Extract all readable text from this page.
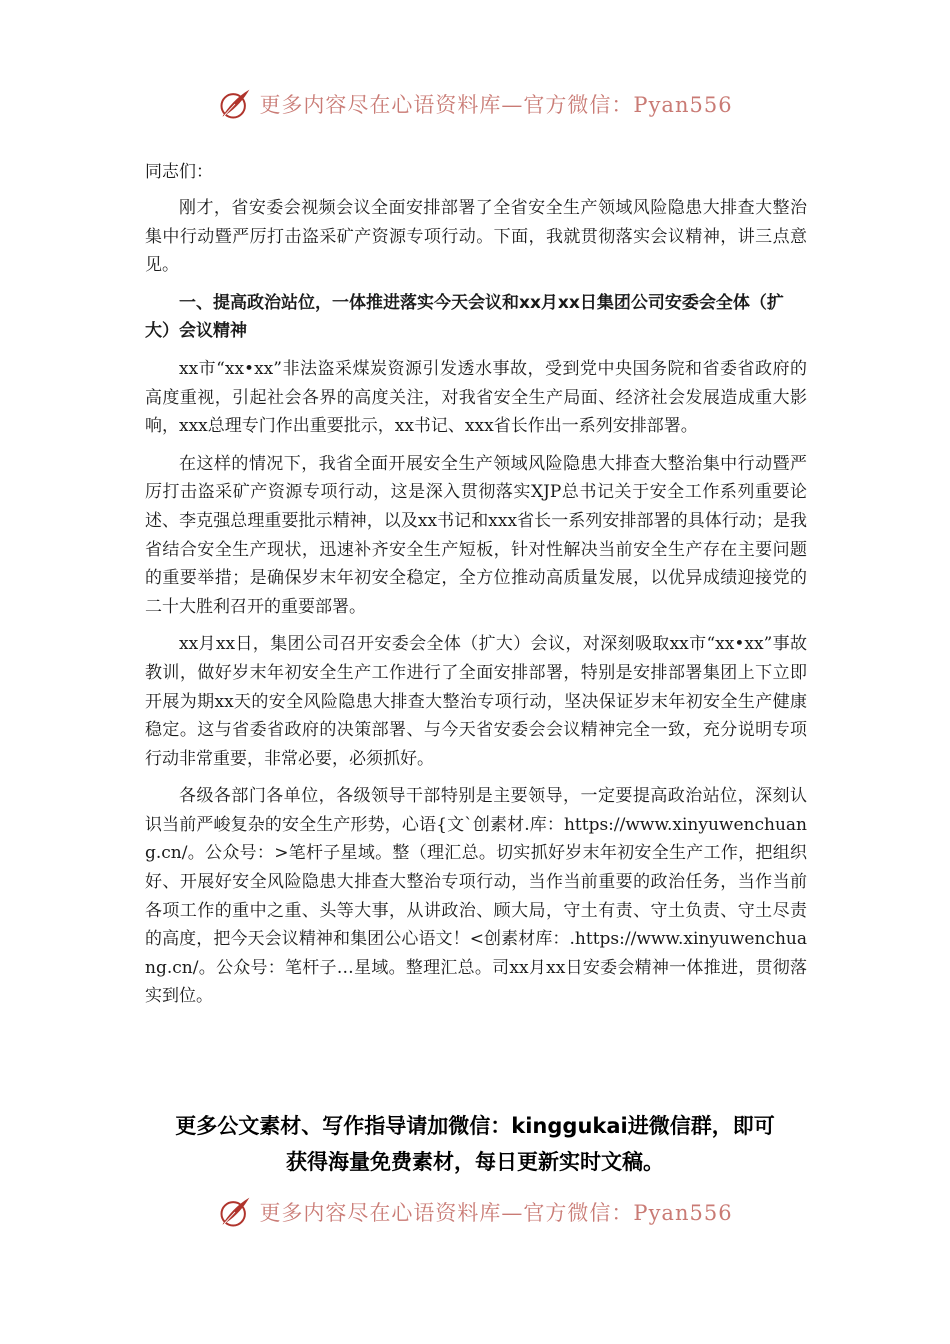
更多内容尽在心语资料库—官方微信：Pyan556

同志们：

刚才，省安委会视频会议全面安排部署了全省安全生产领域风险隐患大排查大整治集中行动暨严厉打击盗采矿产资源专项行动。下面，我就贯彻落实会议精神，讲三点意见。

一、提高政治站位，一体推进落实今天会议和xx月xx日集团公司安委会全体（扩大）会议精神

xx市“xx•xx”非法盗采煤炭资源引发透水事故，受到党中央国务院和省委省政府的高度重视，引起社会各界的高度关注，对我省安全生产局面、经济社会发展造成重大影响，xxx总理专门作出重要批示，xx书记、xxx省长作出一系列安排部署。

在这样的情况下，我省全面开展安全生产领域风险隐患大排查大整治集中行动暨严厉打击盗采矿产资源专项行动，这是深入贯彻落实XJP总书记关于安全工作系列重要论述、李克强总理重要批示精神，以及xx书记和xxx省长一系列安排部署的具体行动；是我省结合安全生产现状，迅速补齐安全生产短板，针对性解决当前安全生产存在主要问题的重要举措；是确保岁末年初安全稳定，全方位推动高质量发展，以优异成绩迎接党的二十大胜利召开的重要部署。

xx月xx日，集团公司召开安委会全体（扩大）会议，对深刻吸取xx市“xx•xx”事故教训，做好岁末年初安全生产工作进行了全面安排部署，特别是安排部署集团上下立即开展为期xx天的安全风险隐患大排查大整治专项行动，坚决保证岁末年初安全生产健康稳定。这与省委省政府的决策部署、与今天省安委会会议精神完全一致，充分说明专项行动非常重要，非常必要，必须抓好。

各级各部门各单位，各级领导干部特别是主要领导，一定要提高政治站位，深刻认识当前严峻复杂的安全生产形势，心语{文`创素材.库：https://www.xinyuwenchuang.cn/。公众号：>笔杆子星域。整（理汇总。切实抓好岁末年初安全生产工作，把组织好、开展好安全风险隐患大排查大整治专项行动，当作当前重要的政治任务，当作当前各项工作的重中之重、头等大事，从讲政治、顾大局，守土有责、守土负责、守土尽责的高度，把今天会议精神和集团公心语文！<创素材库：.https://www.xinyuwenchuang.cn/。公众号：笔杆子…星域。整理汇总。司xx月xx日安委会精神一体推进，贯彻落实到位。

更多公文素材、写作指导请加微信：kinggukai进微信群，即可
获得海量免费素材，每日更新实时文稿。
更多内容尽在心语资料库—官方微信：Pyan556
